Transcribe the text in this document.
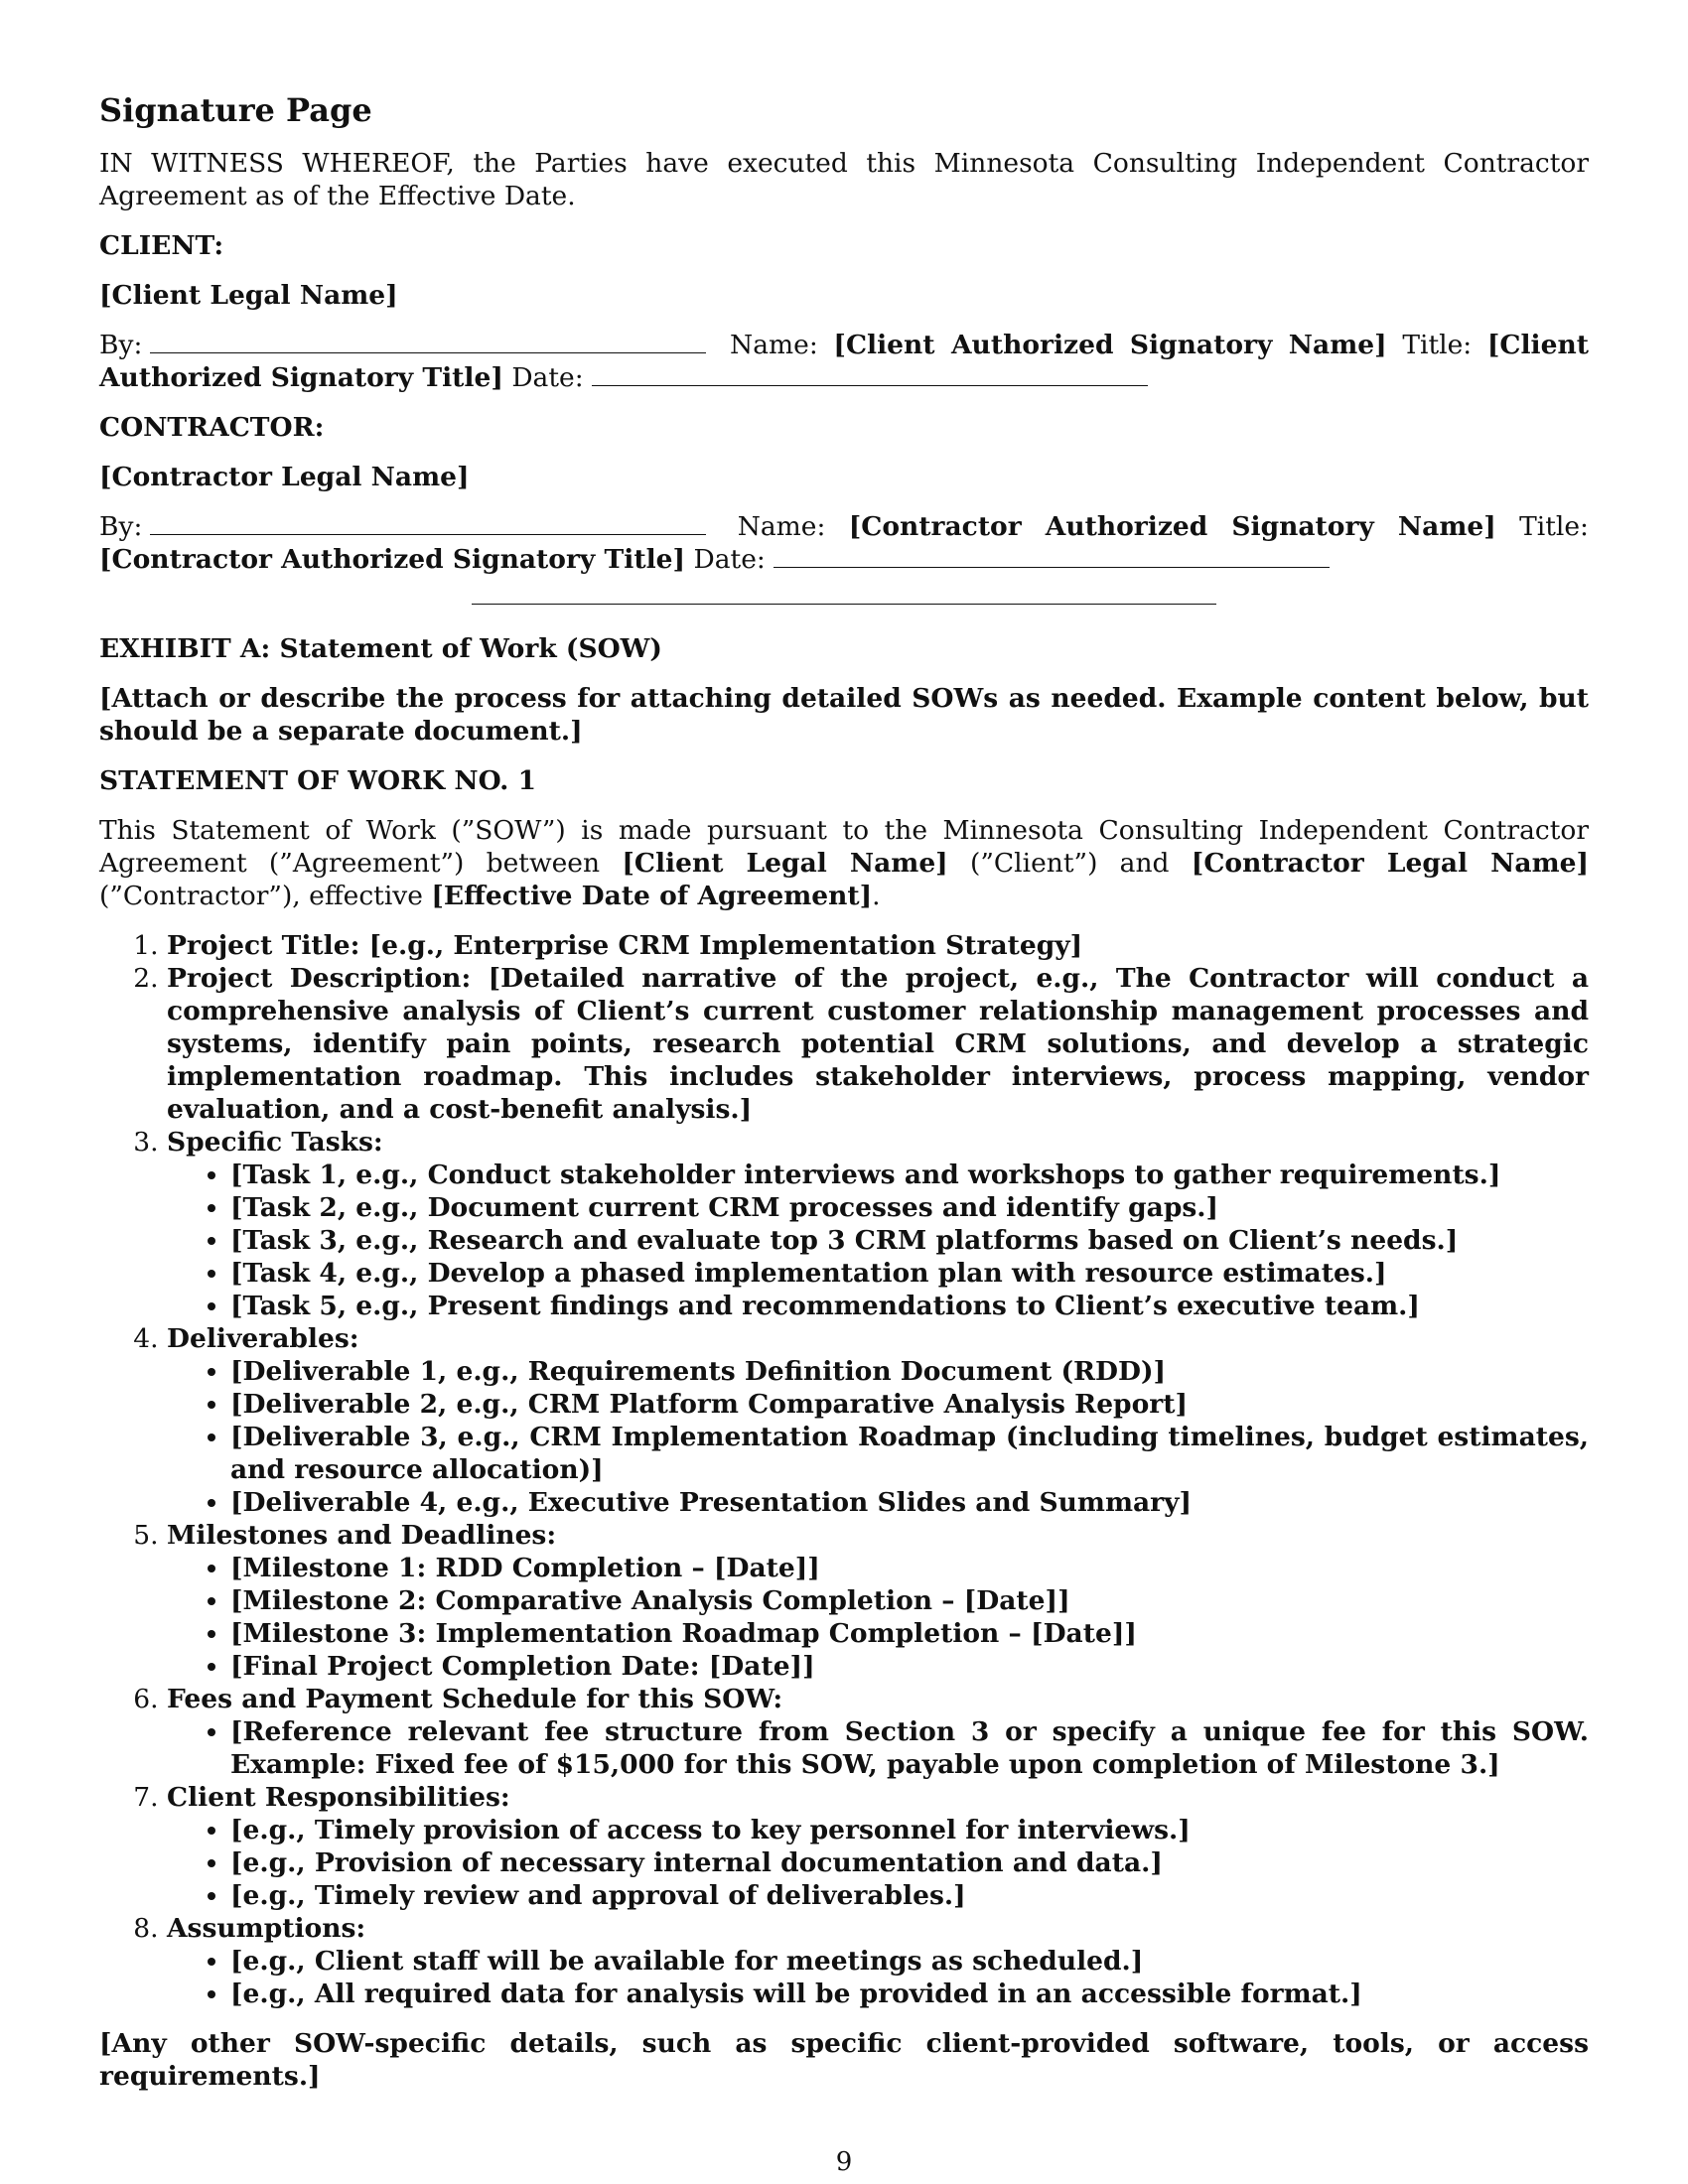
Signature Page

IN WITNESS WHEREOF, the Parties have executed this Minnesota Consulting Independent Contractor Agreement as of the Effective Date.

CLIENT:

[Client Legal Name]

By:	Name: [Client Authorized Signatory Name] Title: [Client Authorized Signatory Title] Date:

CONTRACTOR:

[Contractor Legal Name]

By:	Name: [Contractor Authorized Signatory Name] Title: [Contractor Authorized Signatory Title] Date:

EXHIBIT A: Statement of Work (SOW)

[Attach or describe the process for attaching detailed SOWs as needed. Example content below, but should be a separate document.]

STATEMENT OF WORK NO. 1

This Statement of Work (”SOW”) is made pursuant to the Minnesota Consulting Independent Contractor Agreement (”Agreement”) between [Client Legal Name] (”Client”) and [Contractor Legal Name] (”Contractor”), effective [Effective Date of Agreement].

1. Project Title: [e.g., Enterprise CRM Implementation Strategy]
2. Project Description: [Detailed narrative of the project, e.g., The Contractor will conduct a comprehensive analysis of Client’s current customer relationship management processes and systems, identify pain points, research potential CRM solutions, and develop a strategic implementation roadmap. This includes stakeholder interviews, process mapping, vendor evaluation, and a cost-benefit analysis.]
3. Specific Tasks:
• [Task 1, e.g., Conduct stakeholder interviews and workshops to gather requirements.]
• [Task 2, e.g., Document current CRM processes and identify gaps.]
• [Task 3, e.g., Research and evaluate top 3 CRM platforms based on Client’s needs.]
• [Task 4, e.g., Develop a phased implementation plan with resource estimates.]
• [Task 5, e.g., Present findings and recommendations to Client’s executive team.]
4. Deliverables:
• [Deliverable 1, e.g., Requirements Definition Document (RDD)]
• [Deliverable 2, e.g., CRM Platform Comparative Analysis Report]
• [Deliverable 3, e.g., CRM Implementation Roadmap (including timelines, budget estimates, and resource allocation)]
• [Deliverable 4, e.g., Executive Presentation Slides and Summary]
5. Milestones and Deadlines:
• [Milestone 1: RDD Completion – [Date]]
• [Milestone 2: Comparative Analysis Completion – [Date]]
• [Milestone 3: Implementation Roadmap Completion – [Date]]
• [Final Project Completion Date: [Date]]
6. Fees and Payment Schedule for this SOW:
• [Reference relevant fee structure from Section 3 or specify a unique fee for this SOW. Example: Fixed fee of $15,000 for this SOW, payable upon completion of Milestone 3.]
7. Client Responsibilities:
• [e.g., Timely provision of access to key personnel for interviews.]
• [e.g., Provision of necessary internal documentation and data.]
• [e.g., Timely review and approval of deliverables.]
8. Assumptions:
• [e.g., Client staff will be available for meetings as scheduled.]
• [e.g., All required data for analysis will be provided in an accessible format.]

[Any other SOW-specific details, such as specific client-provided software, tools, or access requirements.]

9
